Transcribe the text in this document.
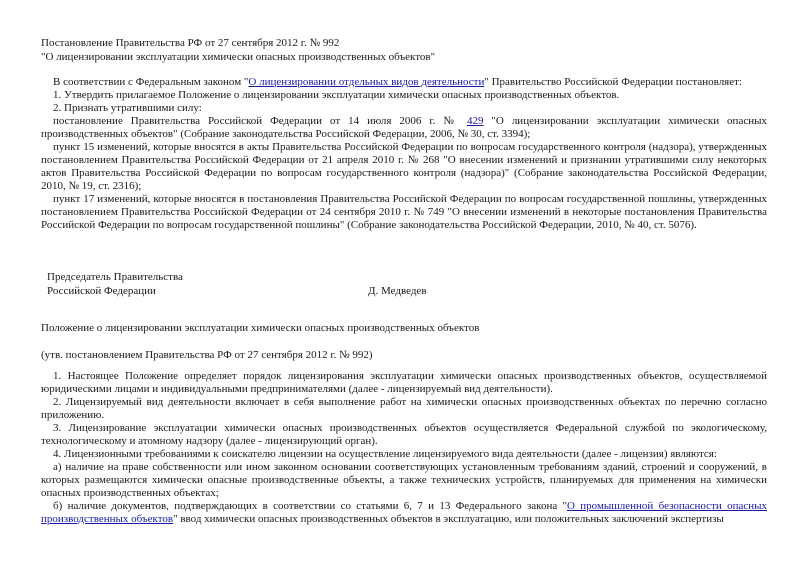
Постановление Правительства РФ от 27 сентября 2012 г. № 992
"О лицензировании эксплуатации химически опасных производственных объектов"

В соответствии с Федеральным законом "О лицензировании отдельных видов деятельности" Правительство Российской Федерации постановляет:

1. Утвердить прилагаемое Положение о лицензировании эксплуатации химически опасных производственных объектов.

2. Признать утратившими силу:

постановление Правительства Российской Федерации от 14 июля 2006 г. № 429 "О лицензировании эксплуатации химически опасных производственных объектов" (Собрание законодательства Российской Федерации, 2006, № 30, ст. 3394);

пункт 15 изменений, которые вносятся в акты Правительства Российской Федерации по вопросам государственного контроля (надзора), утвержденных постановлением Правительства Российской Федерации от 21 апреля 2010 г. № 268 "О внесении изменений и признании утратившими силу некоторых актов Правительства Российской Федерации по вопросам государственного контроля (надзора)" (Собрание законодательства Российской Федерации, 2010, № 19, ст. 2316);

пункт 17 изменений, которые вносятся в постановления Правительства Российской Федерации по вопросам государственной пошлины, утвержденных постановлением Правительства Российской Федерации от 24 сентября 2010 г. № 749 "О внесении изменений в некоторые постановления Правительства Российской Федерации по вопросам государственной пошлины" (Собрание законодательства Российской Федерации, 2010, № 40, ст. 5076).

Председатель Правительства
Российской Федерации	Д. Медведев
Положение о лицензировании эксплуатации химически опасных производственных объектов
(утв. постановлением Правительства РФ от 27 сентября 2012 г. № 992)

1. Настоящее Положение определяет порядок лицензирования эксплуатации химически опасных производственных объектов, осуществляемой юридическими лицами и индивидуальными предпринимателями (далее - лицензируемый вид деятельности).

2. Лицензируемый вид деятельности включает в себя выполнение работ на химически опасных производственных объектах по перечню согласно приложению.

3. Лицензирование эксплуатации химически опасных производственных объектов осуществляется Федеральной службой по экологическому, технологическому и атомному надзору (далее - лицензирующий орган).

4. Лицензионными требованиями к соискателю лицензии на осуществление лицензируемого вида деятельности (далее - лицензия) являются:

а) наличие на праве собственности или ином законном основании соответствующих установленным требованиям зданий, строений и сооружений, в которых размещаются химически опасные производственные объекты, а также технических устройств, планируемых для применения на химически опасных производственных объектах;

б) наличие документов, подтверждающих в соответствии со статьями 6, 7 и 13 Федерального закона "О промышленной безопасности опасных производственных объектов" ввод химически опасных производственных объектов в эксплуатацию, или положительных заключений экспертизы
